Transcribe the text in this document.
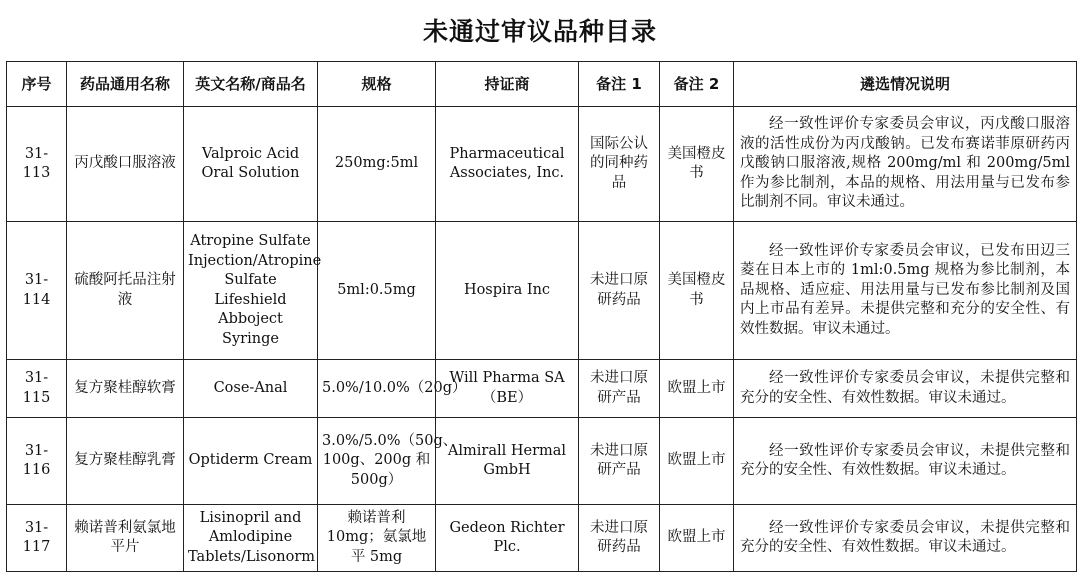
未通过审议品种目录
序号	药品通用名称	英文名称/商品名	规格	持证商	备注 1	备注 2	遴选情况说明
31-113	丙戊酸口服溶液	Valproic Acid Oral Solution	250mg:5ml	Pharmaceutical Associates, Inc.	国际公认的同种药品	美国橙皮书	经一致性评价专家委员会审议，丙戊酸口服溶液的活性成份为丙戊酸钠。已发布赛诺菲原研药丙戊酸钠口服溶液,规格 200mg/ml 和 200mg/5ml 作为参比制剂，本品的规格、用法用量与已发布参比制剂不同。审议未通过。
31-114	硫酸阿托品注射液	Atropine Sulfate Injection/Atropine Sulfate Lifeshield Abboject Syringe	5ml:0.5mg	Hospira Inc	未进口原研药品	美国橙皮书	经一致性评价专家委员会审议，已发布田辺三菱在日本上市的 1ml:0.5mg 规格为参比制剂，本品规格、适应症、用法用量与已发布参比制剂及国内上市品有差异。未提供完整和充分的安全性、有效性数据。审议未通过。
31-115	复方聚桂醇软膏	Cose-Anal	5.0%/10.0%（20g）	Will Pharma SA（BE）	未进口原研产品	欧盟上市	经一致性评价专家委员会审议，未提供完整和充分的安全性、有效性数据。审议未通过。
31-116	复方聚桂醇乳膏	Optiderm Cream	3.0%/5.0%（50g、100g、200g 和 500g）	Almirall Hermal GmbH	未进口原研产品	欧盟上市	经一致性评价专家委员会审议，未提供完整和充分的安全性、有效性数据。审议未通过。
31-117	赖诺普利氨氯地平片	Lisinopril and Amlodipine Tablets/Lisonorm	赖诺普利 10mg；氨氯地平 5mg	Gedeon Richter Plc.	未进口原研药品	欧盟上市	经一致性评价专家委员会审议，未提供完整和充分的安全性、有效性数据。审议未通过。
